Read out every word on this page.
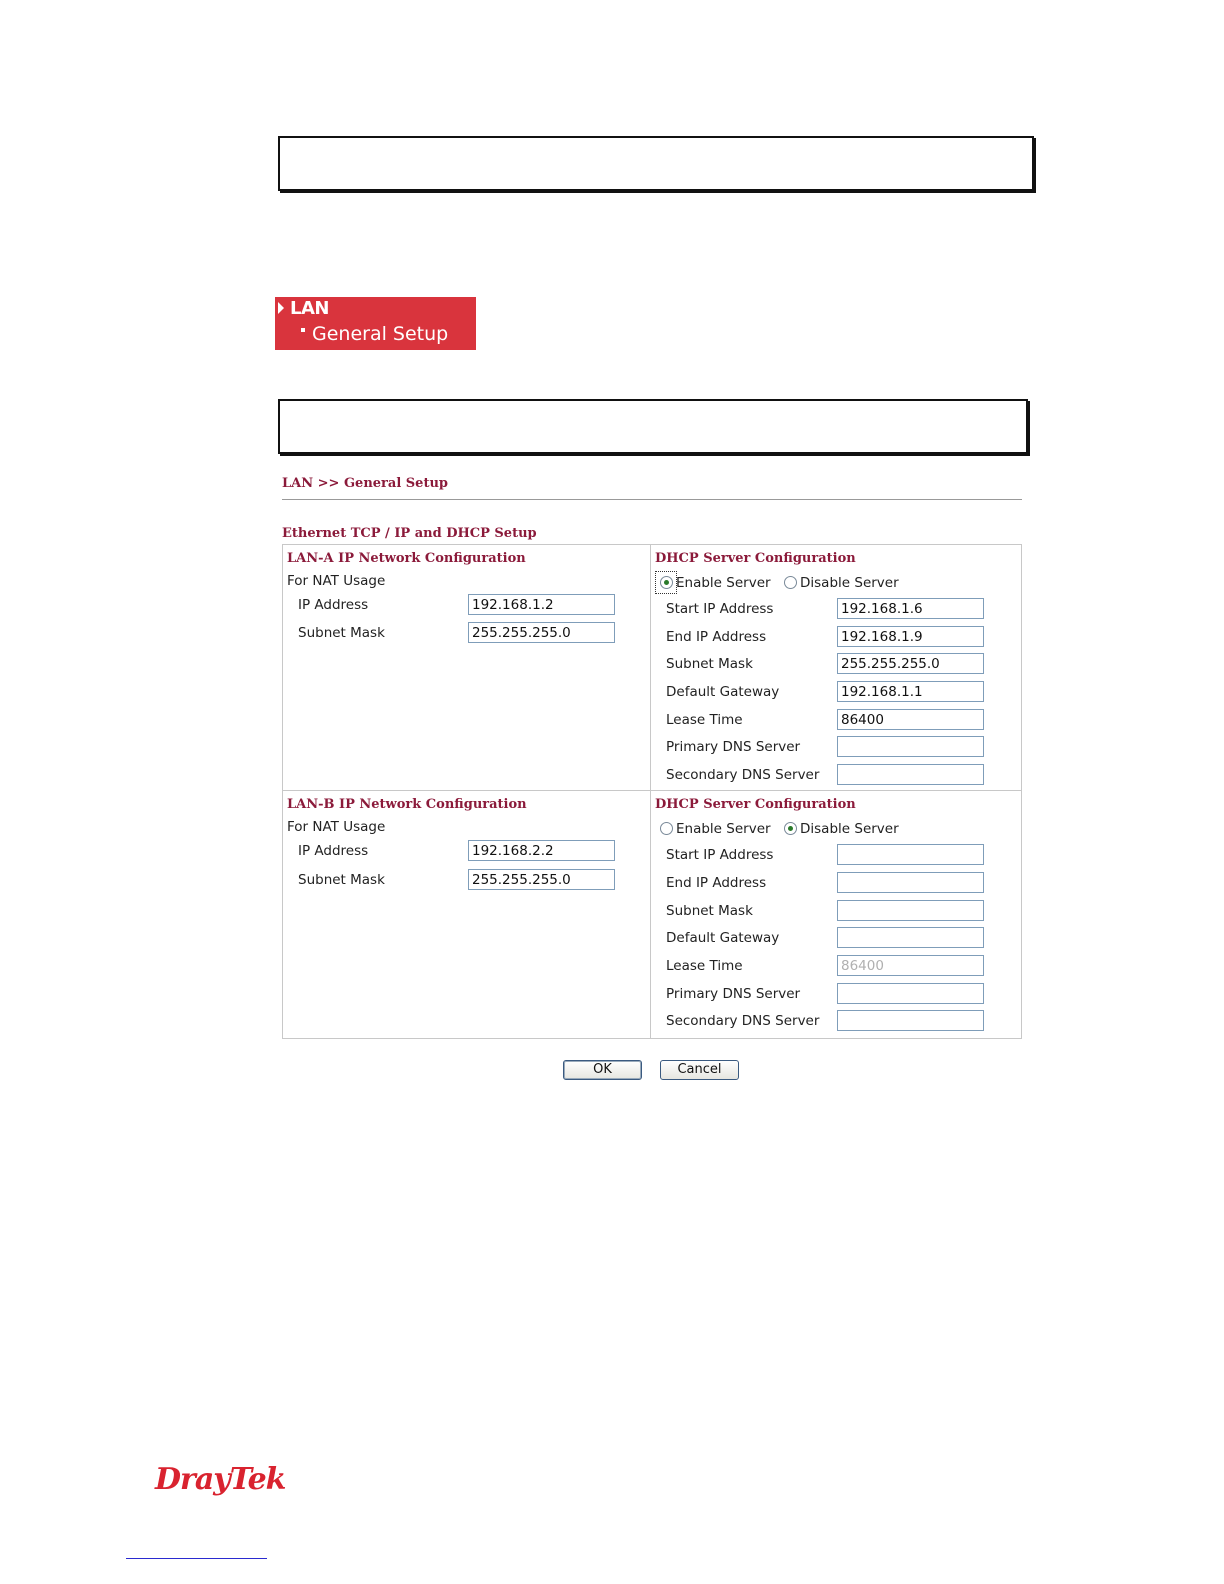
LAN
General Setup
LAN >> General Setup
Ethernet TCP / IP and DHCP Setup
LAN-A IP Network Configuration
For NAT Usage
IP Address
192.168.1.2
Subnet Mask
255.255.255.0
DHCP Server Configuration
Enable Server Disable Server
Start IP Address
192.168.1.6
End IP Address
192.168.1.9
Subnet Mask
255.255.255.0
Default Gateway
192.168.1.1
Lease Time
86400
Primary DNS Server
Secondary DNS Server
LAN-B IP Network Configuration
For NAT Usage
IP Address
192.168.2.2
Subnet Mask
255.255.255.0
DHCP Server Configuration
Enable Server Disable Server
Start IP Address
End IP Address
Subnet Mask
Default Gateway
Lease Time
86400
Primary DNS Server
Secondary DNS Server
OK	Cancel
DrayTek
